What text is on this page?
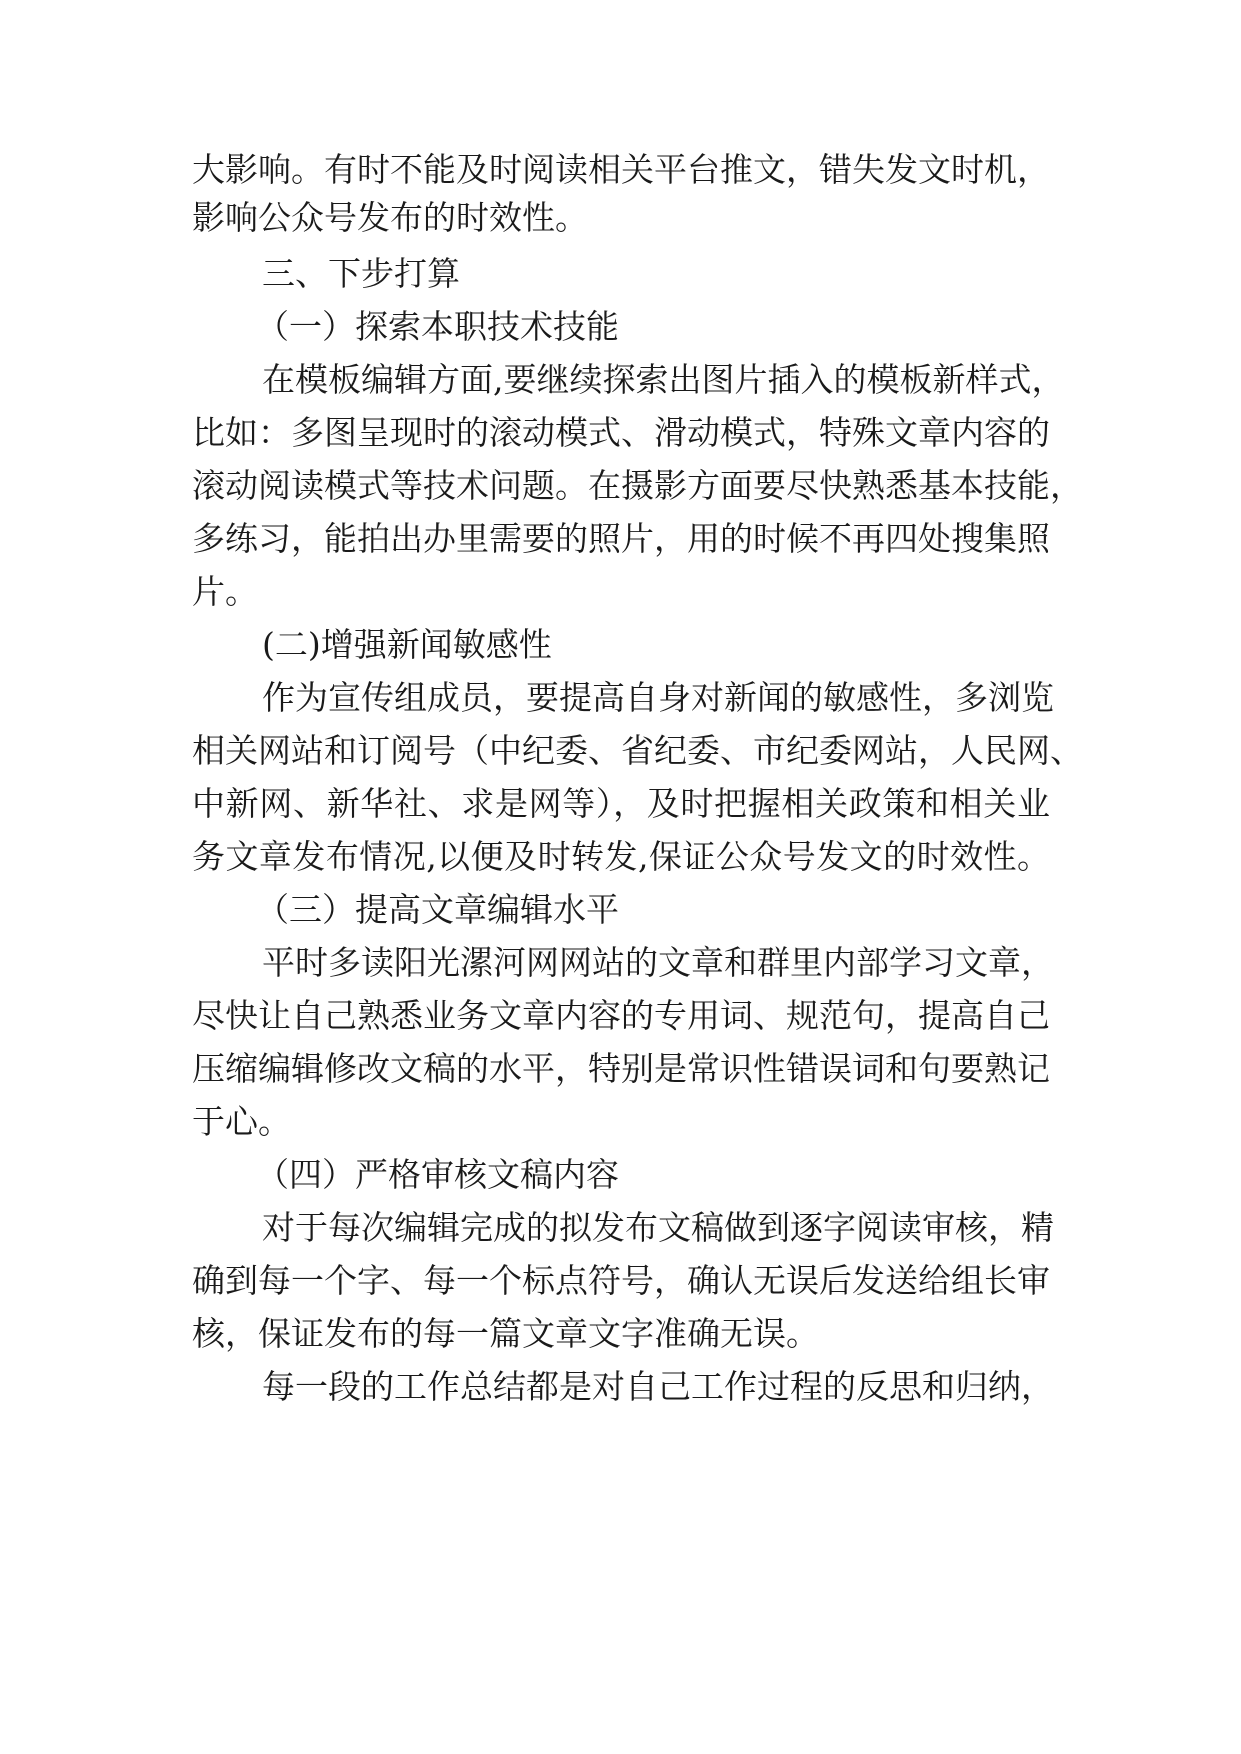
大影响。有时不能及时阅读相关平台推文，错失发文时机，
影响公众号发布的时效性。
三、下步打算
（一）探索本职技术技能
在模板编辑方面,要继续探索出图片插入的模板新样式，
比如：多图呈现时的滚动模式、滑动模式，特殊文章内容的
滚动阅读模式等技术问题。在摄影方面要尽快熟悉基本技能，
多练习，能拍出办里需要的照片，用的时候不再四处搜集照
片。
(二)增强新闻敏感性
作为宣传组成员，要提高自身对新闻的敏感性，多浏览
相关网站和订阅号（中纪委、省纪委、市纪委网站，人民网、
中新网、新华社、求是网等），及时把握相关政策和相关业
务文章发布情况,以便及时转发,保证公众号发文的时效性。
（三）提高文章编辑水平
平时多读阳光漯河网网站的文章和群里内部学习文章，
尽快让自己熟悉业务文章内容的专用词、规范句，提高自己
压缩编辑修改文稿的水平，特别是常识性错误词和句要熟记
于心。
（四）严格审核文稿内容
对于每次编辑完成的拟发布文稿做到逐字阅读审核，精
确到每一个字、每一个标点符号，确认无误后发送给组长审
核，保证发布的每一篇文章文字准确无误。
每一段的工作总结都是对自己工作过程的反思和归纳，
